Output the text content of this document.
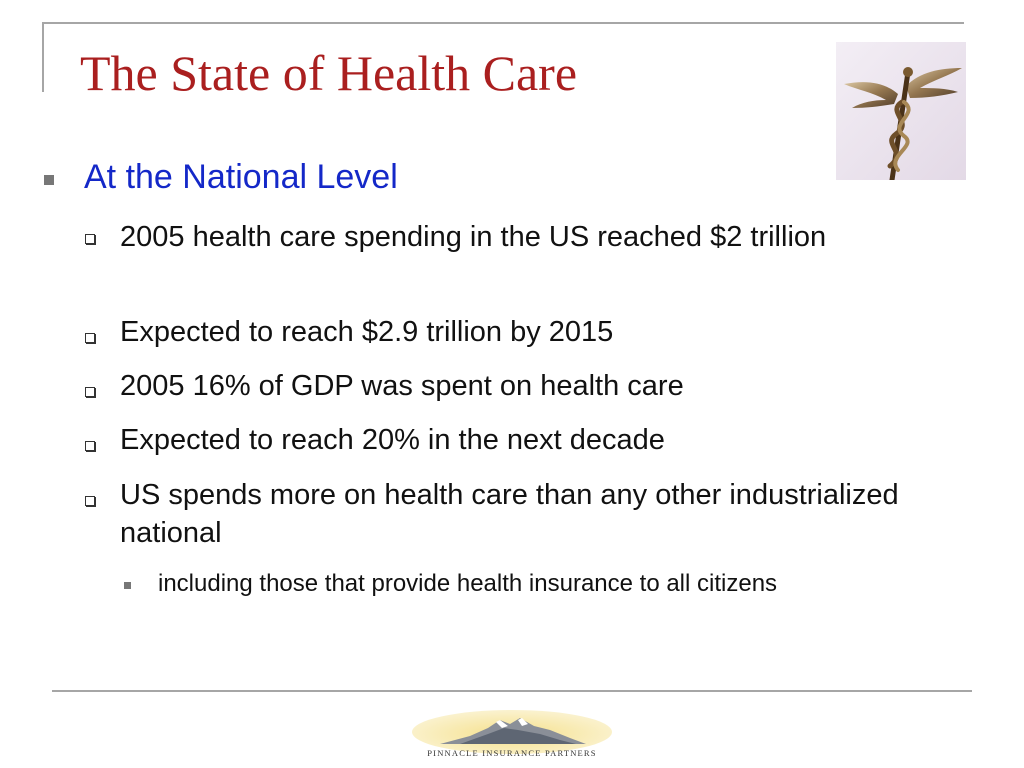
The State of Health Care
At the National Level
2005 health care spending in the US reached $2 trillion
Expected to reach $2.9 trillion by 2015
2005 16% of GDP was spent on health care
Expected to reach 20% in the next decade
US spends more on health care than any other industrialized national
including those that provide health insurance to all citizens
PINNACLE INSURANCE PARTNERS
